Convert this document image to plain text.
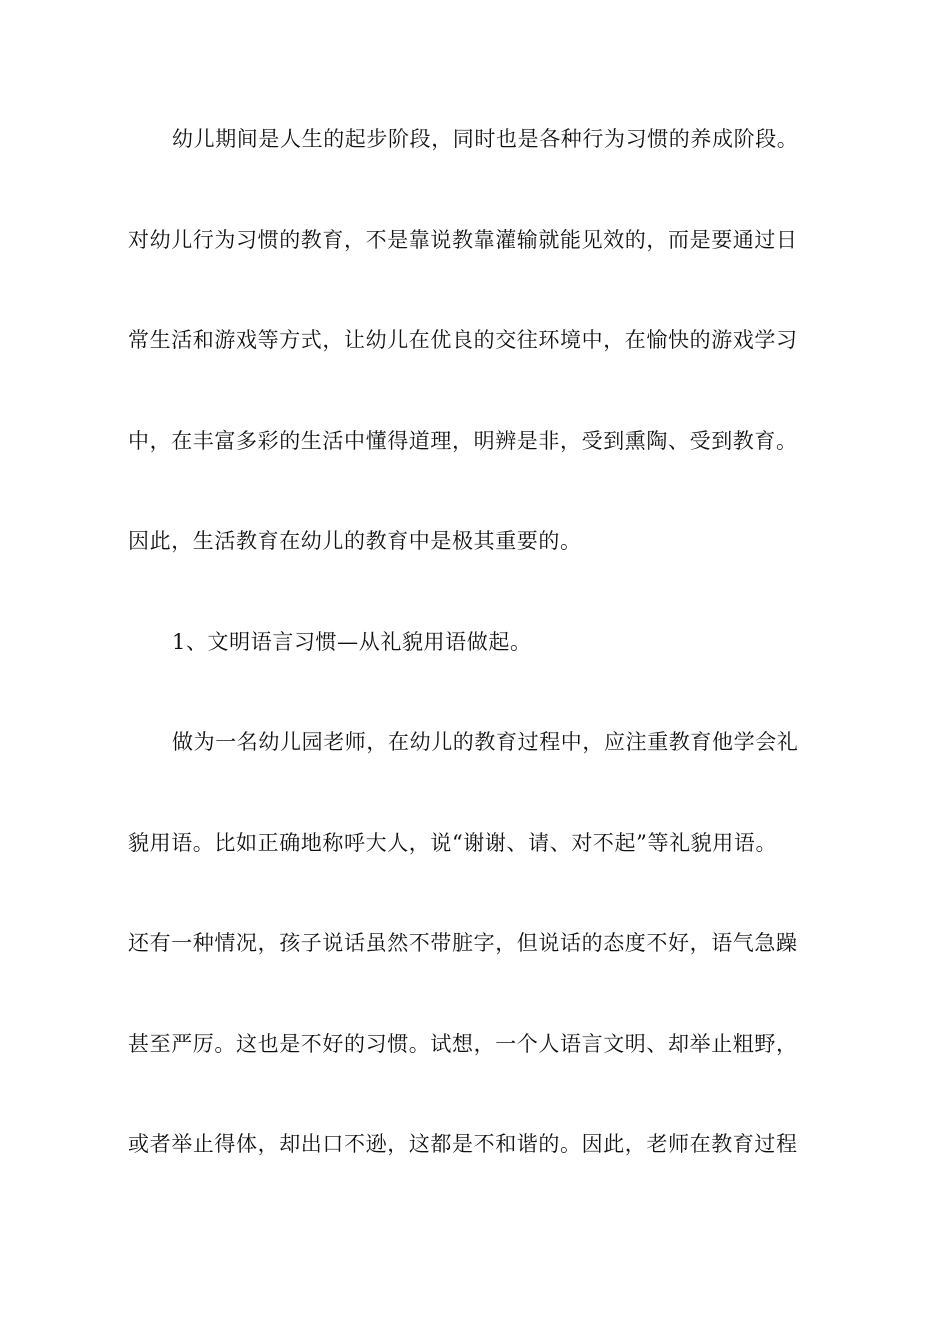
幼儿期间是人生的起步阶段，同时也是各种行为习惯的养成阶段。
对幼儿行为习惯的教育，不是靠说教靠灌输就能见效的，而是要通过日
常生活和游戏等方式，让幼儿在优良的交往环境中，在愉快的游戏学习
中，在丰富多彩的生活中懂得道理，明辨是非，受到熏陶、受到教育。
因此，生活教育在幼儿的教育中是极其重要的。
1、文明语言习惯—从礼貌用语做起。
做为一名幼儿园老师，在幼儿的教育过程中，应注重教育他学会礼
貌用语。比如正确地称呼大人，说“谢谢、请、对不起”等礼貌用语。
还有一种情况，孩子说话虽然不带脏字，但说话的态度不好，语气急躁
甚至严厉。这也是不好的习惯。试想，一个人语言文明、却举止粗野，
或者举止得体，却出口不逊，这都是不和谐的。因此，老师在教育过程
